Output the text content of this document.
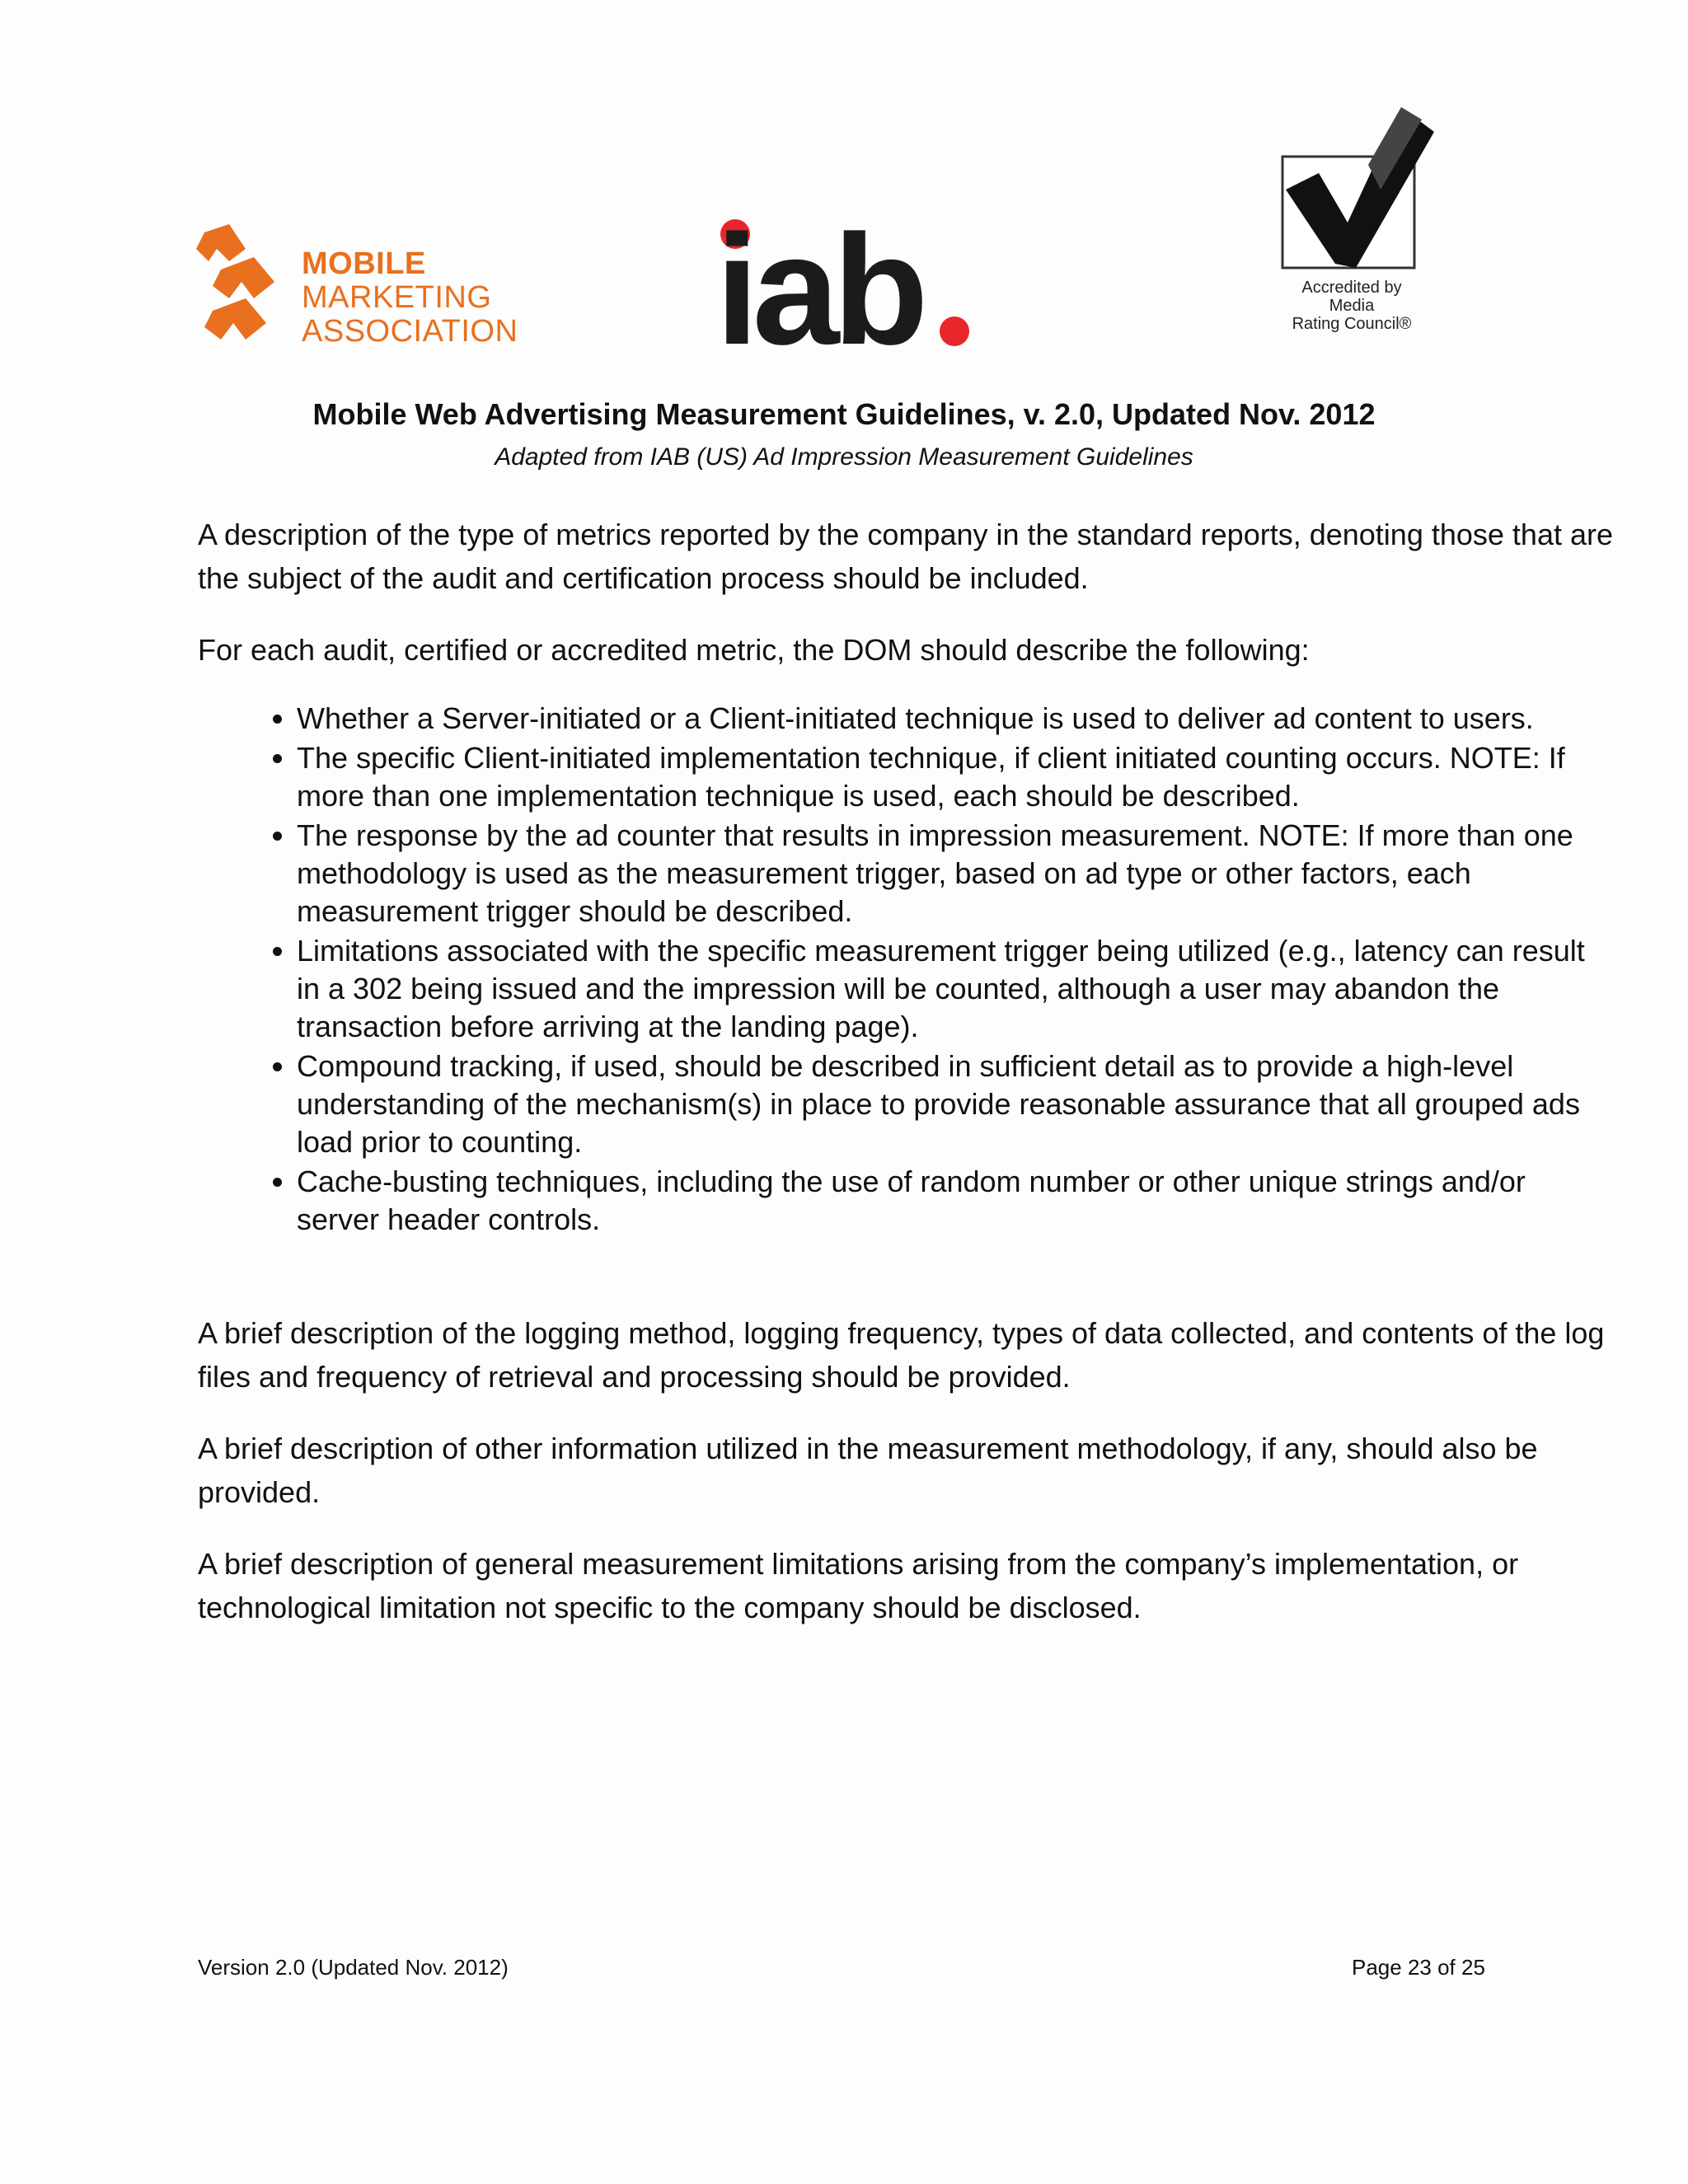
MOBILE
MARKETING
ASSOCIATION iab	Accredited by
Media
Rating Council®
Mobile Web Advertising Measurement Guidelines, v. 2.0, Updated Nov. 2012
Adapted from IAB (US) Ad Impression Measurement Guidelines

A description of the type of metrics reported by the company in the standard reports, denoting those that are the subject of the audit and certification process should be included.

For each audit, certified or accredited metric, the DOM should describe the following:

• Whether a Server-initiated or a Client-initiated technique is used to deliver ad content to users.
• The specific Client-initiated implementation technique, if client initiated counting occurs. NOTE: If more than one implementation technique is used, each should be described.
• The response by the ad counter that results in impression measurement. NOTE: If more than one methodology is used as the measurement trigger, based on ad type or other factors, each measurement trigger should be described.
• Limitations associated with the specific measurement trigger being utilized (e.g., latency can result in a 302 being issued and the impression will be counted, although a user may abandon the transaction before arriving at the landing page).
• Compound tracking, if used, should be described in sufficient detail as to provide a high-level understanding of the mechanism(s) in place to provide reasonable assurance that all grouped ads load prior to counting.
• Cache-busting techniques, including the use of random number or other unique strings and/or server header controls.

A brief description of the logging method, logging frequency, types of data collected, and contents of the log files and frequency of retrieval and processing should be provided.

A brief description of other information utilized in the measurement methodology, if any, should also be provided.

A brief description of general measurement limitations arising from the company’s implementation, or technological limitation not specific to the company should be disclosed.

Version 2.0 (Updated Nov. 2012)	Page 23 of 25
